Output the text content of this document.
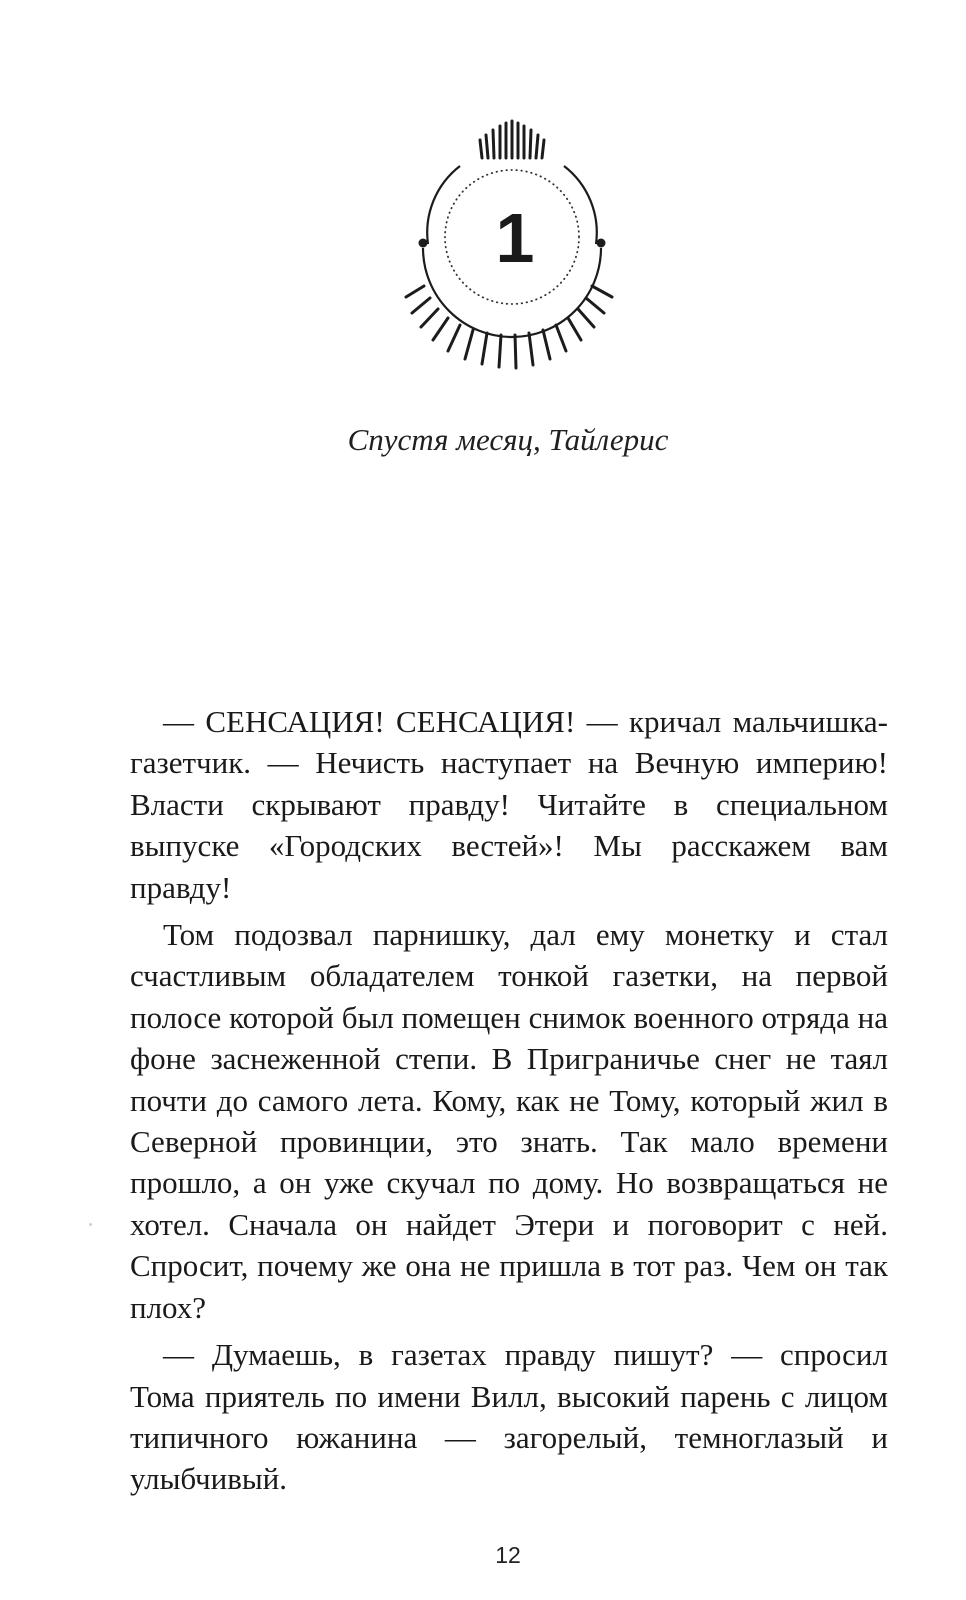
1
Спустя месяц, Тайлерис

— СЕНСАЦИЯ! СЕНСАЦИЯ! — кричал мальчишка-газетчик. — Нечисть наступает на Вечную империю! Власти скрывают правду! Читайте в специальном выпуске «Городских вестей»! Мы расскажем вам правду!

Том подозвал парнишку, дал ему монетку и стал счастливым обладателем тонкой газетки, на первой полосе которой был помещен снимок военного отряда на фоне заснеженной степи. В Приграничье снег не таял почти до самого лета. Кому, как не Тому, который жил в Северной провинции, это знать. Так мало времени прошло, а он уже скучал по дому. Но возвращаться не хотел. Сначала он найдет Этери и поговорит с ней. Спросит, почему же она не пришла в тот раз. Чем он так плох?

— Думаешь, в газетах правду пишут? — спросил Тома приятель по имени Вилл, высокий парень с лицом типичного южанина — загорелый, темноглазый и улыбчивый.

12
